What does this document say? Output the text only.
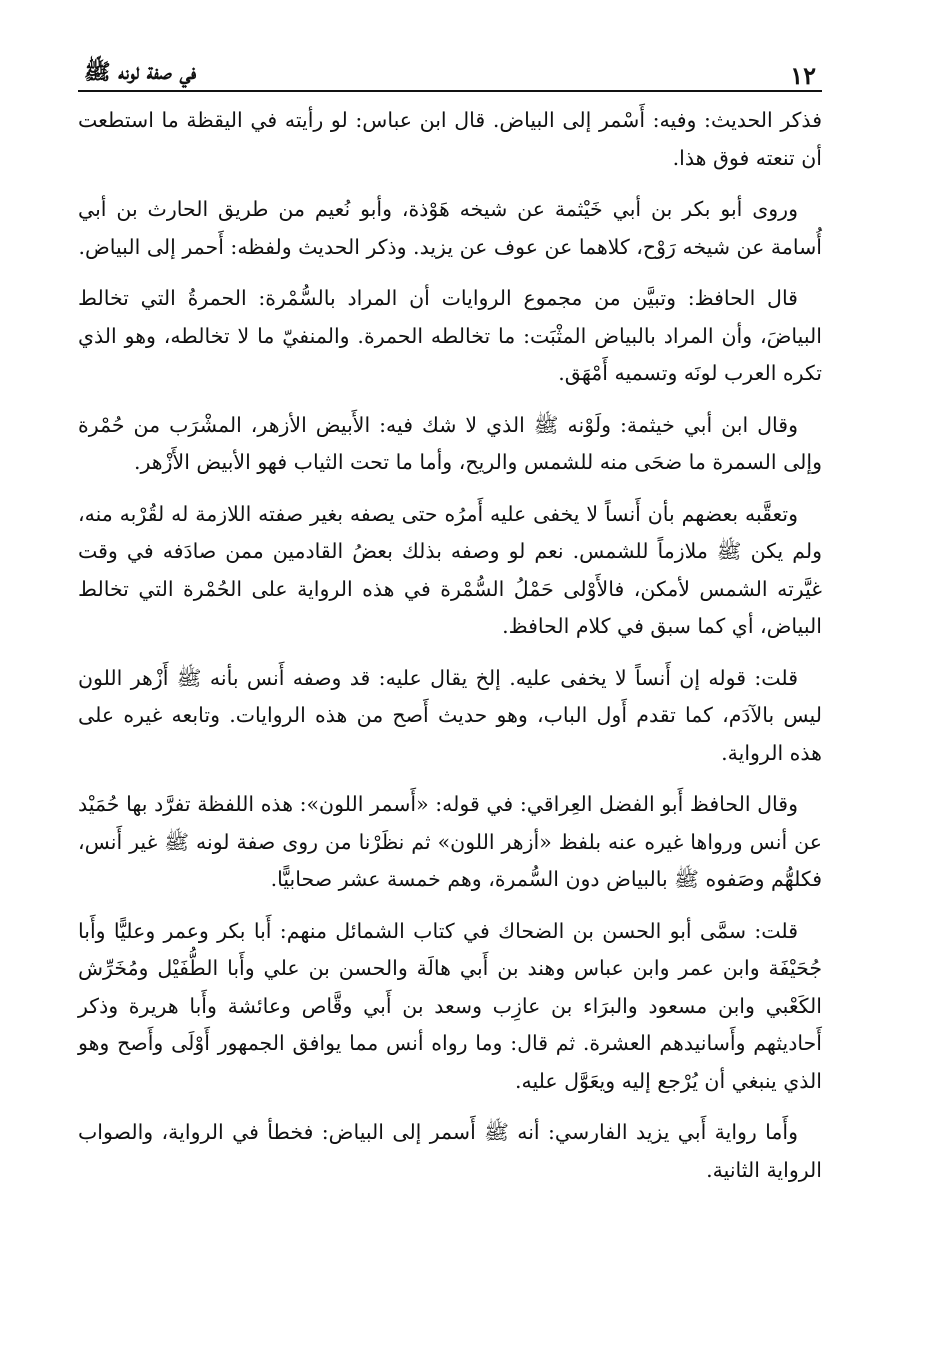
١٢
في صفة لونه ﷺ

فذكر الحديث: وفيه: أَسْمر إلى البياض. قال ابن عباس: لو رأيته في اليقظة ما استطعت أن تنعته فوق هذا.

وروى أبو بكر بن أبي خَيْثمة عن شيخه هَوْذة، وأبو نُعيم من طريق الحارث بن أبي أُسامة عن شيخه رَوْح، كلاهما عن عوف عن يزيد. وذكر الحديث ولفظه: أَحمر إلى البياض.

قال الحافظ: وتبيَّن من مجموع الروايات أن المراد بالسُّمْرة: الحمرةُ التي تخالط البياضَ، وأن المراد بالبياض المثْبَت: ما تخالطه الحمرة. والمنفيّ ما لا تخالطه، وهو الذي تكره العرب لونَه وتسميه أَمْهَق.

وقال ابن أبي خيثمة: ولَوْنه ﷺ الذي لا شك فيه: الأَبيض الأزهر، المشْرَب من حُمْرة وإلى السمرة ما ضحَى منه للشمس والريح، وأما ما تحت الثياب فهو الأبيض الأَزْهر.

وتعقَّبه بعضهم بأن أَنساً لا يخفى عليه أَمرُه حتى يصفه بغير صفته اللازمة له لقُرْبه منه، ولم يكن ﷺ ملازماً للشمس. نعم لو وصفه بذلك بعضُ القادمين ممن صادَفه في وقت غيَّرته الشمس لأمكن، فالأَوْلى حَمْلُ السُّمْرة في هذه الرواية على الحُمْرة التي تخالط البياض، أي كما سبق في كلام الحافظ.

قلت: قوله إن أَنساً لا يخفى عليه. إلخ يقال عليه: قد وصفه أَنس بأنه ﷺ أَزْهر اللون ليس بالآدَم، كما تقدم أَول الباب، وهو حديث أَصح من هذه الروايات. وتابعه غيره على هذه الرواية.

وقال الحافظ أَبو الفضل العِراقي: في قوله: «أَسمر اللون»: هذه اللفظة تفرَّد بها حُمَيْد عن أنس ورواها غيره عنه بلفظ «أزهر اللون» ثم نظَرْنا من روى صفة لونه ﷺ غير أَنس، فكلهُّم وصَفوه ﷺ بالبياض دون السُّمرة، وهم خمسة عشر صحابيًّا.

قلت: سمَّى أبو الحسن بن الضحاك في كتاب الشمائل منهم: أَبا بكر وعمر وعليًّا وأَبا جُحَيْفَة وابن عمر وابن عباس وهند بن أَبي هالَة والحسن بن علي وأَبا الطُّفَيْل ومُخَرِّش الكَعْبي وابن مسعود والبرَاء بن عازِب وسعد بن أَبي وقَّاص وعائشة وأَبا هريرة وذكر أَحاديثهم وأَسانيدهم العشرة. ثم قال: وما رواه أنس مما يوافق الجمهور أَوْلَى وأَصح وهو الذي ينبغي أن يُرْجع إليه ويعَوَّل عليه.

وأَما رواية أَبي يزيد الفارسي: أنه ﷺ أَسمر إلى البياض: فخطأ في الرواية، والصواب الرواية الثانية.
